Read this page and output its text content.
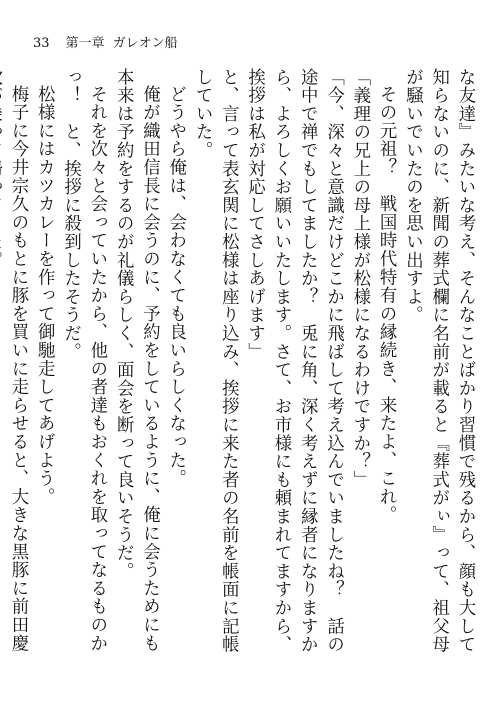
33 第一章 ガレオン船

な友達』みたいな考え、そんなことばかり習慣で残るから、顔も大して知らないのに、新聞の葬式欄に名前が載ると『葬式がぃ』って、祖父母が騒いでいたのを思い出すよ。

その元祖？　戦国時代特有の縁続き、来たよ、これ。

「義理の兄上の母上様が松様になるわけですか？」

「今、深々と意識だけどこかに飛ばして考え込んでいましたね？　話の途中で禅でもしてましたか？　兎に角、深く考えずに縁者になりますから、よろしくお願いいたします。さて、お市様にも頼まれてますから、挨拶は私が対応してさしあげます」

と、言って表玄関に松様は座り込み、挨拶に来た者の名前を帳面に記帳していた。

どうやら俺は、会わなくても良いらしくなった。

俺が織田信長に会うのに、予約をしているように、俺に会うためにも本来は予約をするのが礼儀らしく、面会を断って良いそうだ。

それを次々と会っていたから、他の者達もおくれを取ってなるものかっ！　と、挨拶に殺到したそうだ。

松様にはカツカレーを作って御馳走してあげよう。

梅子に今井宗久のもとに豚を買いに走らせると、大きな黒豚に前田慶
